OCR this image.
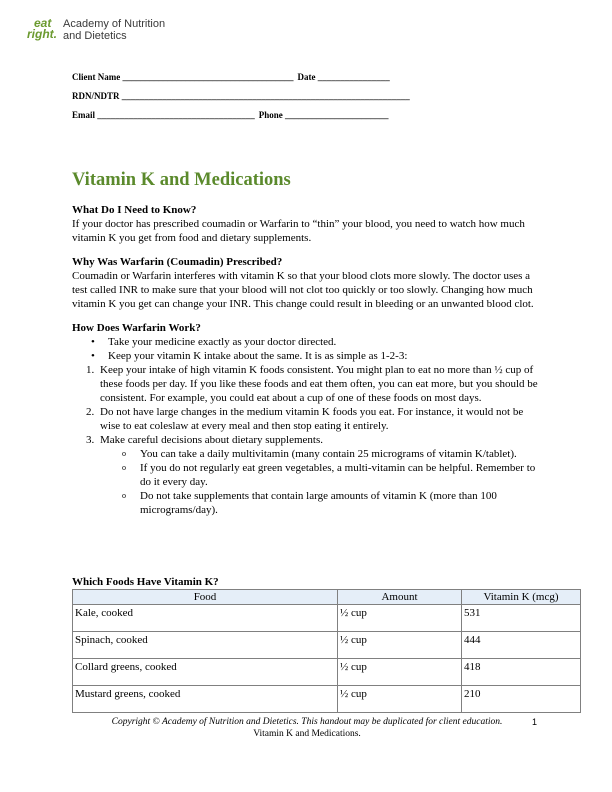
eat
right.
Academy of Nutrition
and Dietetics
Client Name ______________________________________ Date ________________
RDN/NDTR ________________________________________________________________
Email ___________________________________ Phone _______________________
Vitamin K and Medications
What Do I Need to Know?

If your doctor has prescribed coumadin or Warfarin to “thin” your blood, you need to watch how much vitamin K you get from food and dietary supplements.

Why Was Warfarin (Coumadin) Prescribed?

Coumadin or Warfarin interferes with vitamin K so that your blood clots more slowly. The doctor uses a test called INR to make sure that your blood will not clot too quickly or too slowly. Changing how much vitamin K you get can change your INR. This change could result in bleeding or an unwanted blood clot.

How Does Warfarin Work?
• Take your medicine exactly as your doctor directed.
• Keep your vitamin K intake about the same. It is as simple as 1-2-3:
1. Keep your intake of high vitamin K foods consistent. You might plan to eat no more than ½ cup of these foods per day. If you like these foods and eat them often, you can eat more, but you should be consistent. For example, you could eat about a cup of one of these foods on most days.
2. Do not have large changes in the medium vitamin K foods you eat. For instance, it would not be wise to eat coleslaw at every meal and then stop eating it entirely.
3. Make careful decisions about dietary supplements.
o You can take a daily multivitamin (many contain 25 micrograms of vitamin K/tablet).
o If you do not regularly eat green vegetables, a multi-vitamin can be helpful. Remember to do it every day.
o Do not take supplements that contain large amounts of vitamin K (more than 100 micrograms/day).
Which Foods Have Vitamin K?
Food	Amount	Vitamin K (mcg)
Kale, cooked	½ cup	531
Spinach, cooked	½ cup	444
Collard greens, cooked	½ cup	418
Mustard greens, cooked	½ cup	210
Copyright © Academy of Nutrition and Dietetics. This handout may be duplicated for client education.
Vitamin K and Medications.
1
